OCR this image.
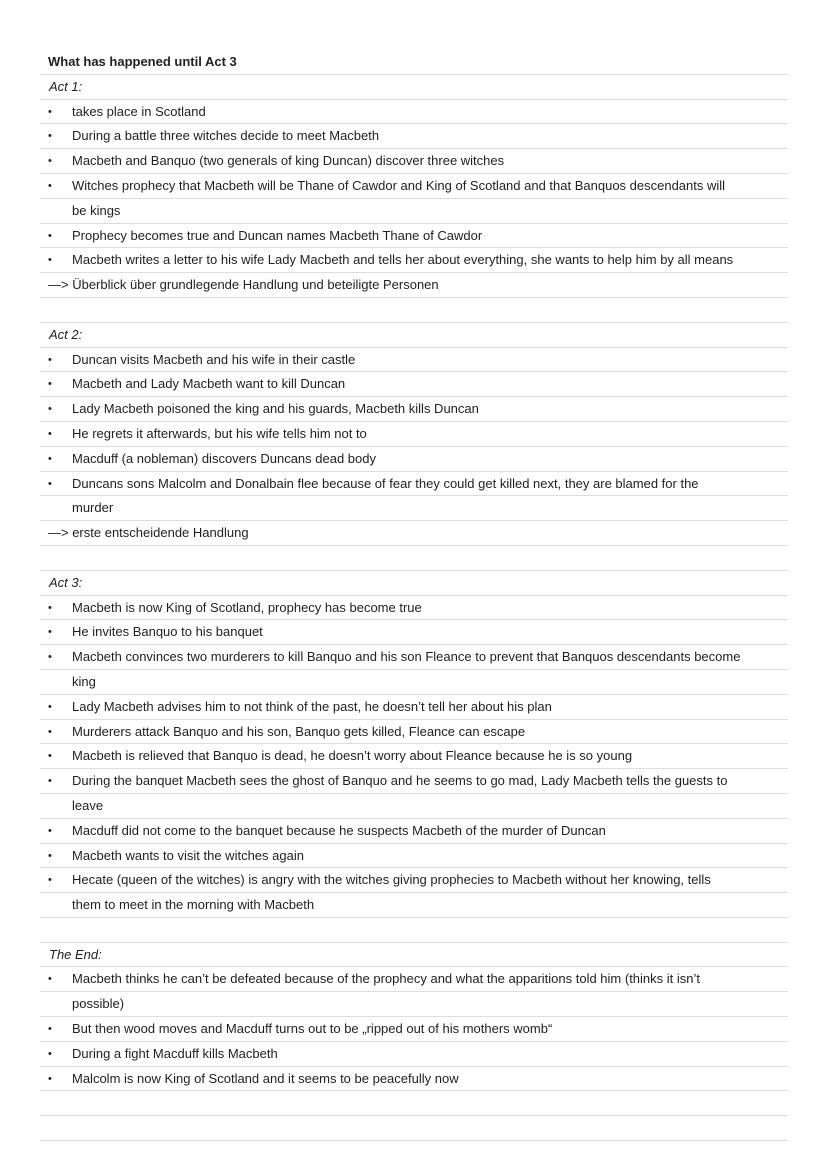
What has happened until Act 3
Act 1:
• takes place in Scotland
• During a battle three witches decide to meet Macbeth
• Macbeth and Banquo (two generals of king Duncan) discover three witches
• Witches prophecy that Macbeth will be Thane of Cawdor and King of Scotland and that Banquos descendants will
be kings
• Prophecy becomes true and Duncan names Macbeth Thane of Cawdor
• Macbeth writes a letter to his wife Lady Macbeth and tells her about everything, she wants to help him by all means
—> Überblick über grundlegende Handlung und beteiligte Personen
Act 2:
• Duncan visits Macbeth and his wife in their castle
• Macbeth and Lady Macbeth want to kill Duncan
• Lady Macbeth poisoned the king and his guards, Macbeth kills Duncan
• He regrets it afterwards, but his wife tells him not to
• Macduff (a nobleman) discovers Duncans dead body
• Duncans sons Malcolm and Donalbain flee because of fear they could get killed next, they are blamed for the
murder
—> erste entscheidende Handlung
Act 3:
• Macbeth is now King of Scotland, prophecy has become true
• He invites Banquo to his banquet
• Macbeth convinces two murderers to kill Banquo and his son Fleance to prevent that Banquos descendants become
king
• Lady Macbeth advises him to not think of the past, he doesn’t tell her about his plan
• Murderers attack Banquo and his son, Banquo gets killed, Fleance can escape
• Macbeth is relieved that Banquo is dead, he doesn’t worry about Fleance because he is so young
• During the banquet Macbeth sees the ghost of Banquo and he seems to go mad, Lady Macbeth tells the guests to
leave
• Macduff did not come to the banquet because he suspects Macbeth of the murder of Duncan
• Macbeth wants to visit the witches again
• Hecate (queen of the witches) is angry with the witches giving prophecies to Macbeth without her knowing, tells
them to meet in the morning with Macbeth
The End:
• Macbeth thinks he can’t be defeated because of the prophecy and what the apparitions told him (thinks it isn’t
possible)
• But then wood moves and Macduff turns out to be „ripped out of his mothers womb“
• During a fight Macduff kills Macbeth
• Malcolm is now King of Scotland and it seems to be peacefully now
